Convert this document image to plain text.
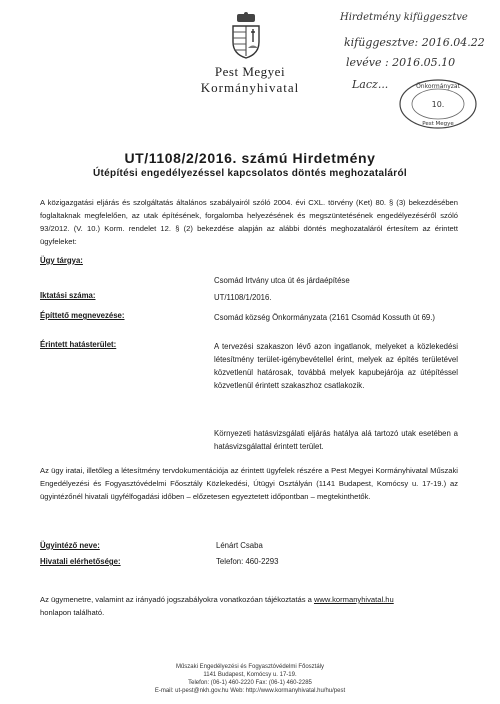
Pest Megyei
Kormányhivatal
Hirdetmény kifüggesztve
kifüggesztve: 2016.04.22
levéve : 2016.05.10
Lacz...	Önkormányzat
10.
Pest Megye
UT/1108/2/2016. számú Hirdetmény
Útépítési engedélyezéssel kapcsolatos döntés meghozataláról
A közigazgatási eljárás és szolgáltatás általános szabályairól szóló 2004. évi CXL. törvény (Ket) 80. § (3) bekezdésében foglaltaknak megfelelően, az utak építésének, forgalomba helyezésének és megszüntetésének engedélyezéséről szóló 93/2012. (V. 10.) Korm. rendelet 12. § (2) bekezdése alapján az alábbi döntés meghozataláról értesítem az érintett ügyfeleket:
Ügy tárgya:
Csomád Irtvány utca út és járdaépítése
Iktatási száma:	UT/1108/1/2016.
Építtető megnevezése:	Csomád község Önkormányzata (2161 Csomád Kossuth út 69.)
Érintett hatásterület:	A tervezési szakaszon lévő azon ingatlanok, melyeket a közlekedési létesítmény terület-igénybevétellel érint, melyek az építés területével közvetlenül határosak, továbbá melyek kapubejárója az útépítéssel közvetlenül érintett szakaszhoz csatlakozik.
Környezeti hatásvizsgálati eljárás hatálya alá tartozó utak esetében a hatásvizsgálattal érintett terület.
Az ügy iratai, illetőleg a létesítmény tervdokumentációja az érintett ügyfelek részére a Pest Megyei Kormányhivatal Műszaki Engedélyezési és Fogyasztóvédelmi Főosztály Közlekedési, Útügyi Osztályán (1141 Budapest, Komócsy u. 17-19.) az ügyintézőnél hivatali ügyfélfogadási időben – előzetesen egyeztetett időpontban – megtekinthetők.
Ügyintéző neve:	Lénárt Csaba
Hivatali elérhetősége:	Telefon: 460-2293
Az ügymenetre, valamint az irányadó jogszabályokra vonatkozóan tájékoztatás a www.kormanyhivatal.hu
honlapon található.
Műszaki Engedélyezési és Fogyasztóvédelmi Főosztály
1141 Budapest, Komócsy u. 17-19.
Telefon: (06-1) 460-2220 Fax: (06-1) 460-2285
E-mail: ut-pest@nkh.gov.hu Web: http://www.kormanyhivatal.hu/hu/pest
